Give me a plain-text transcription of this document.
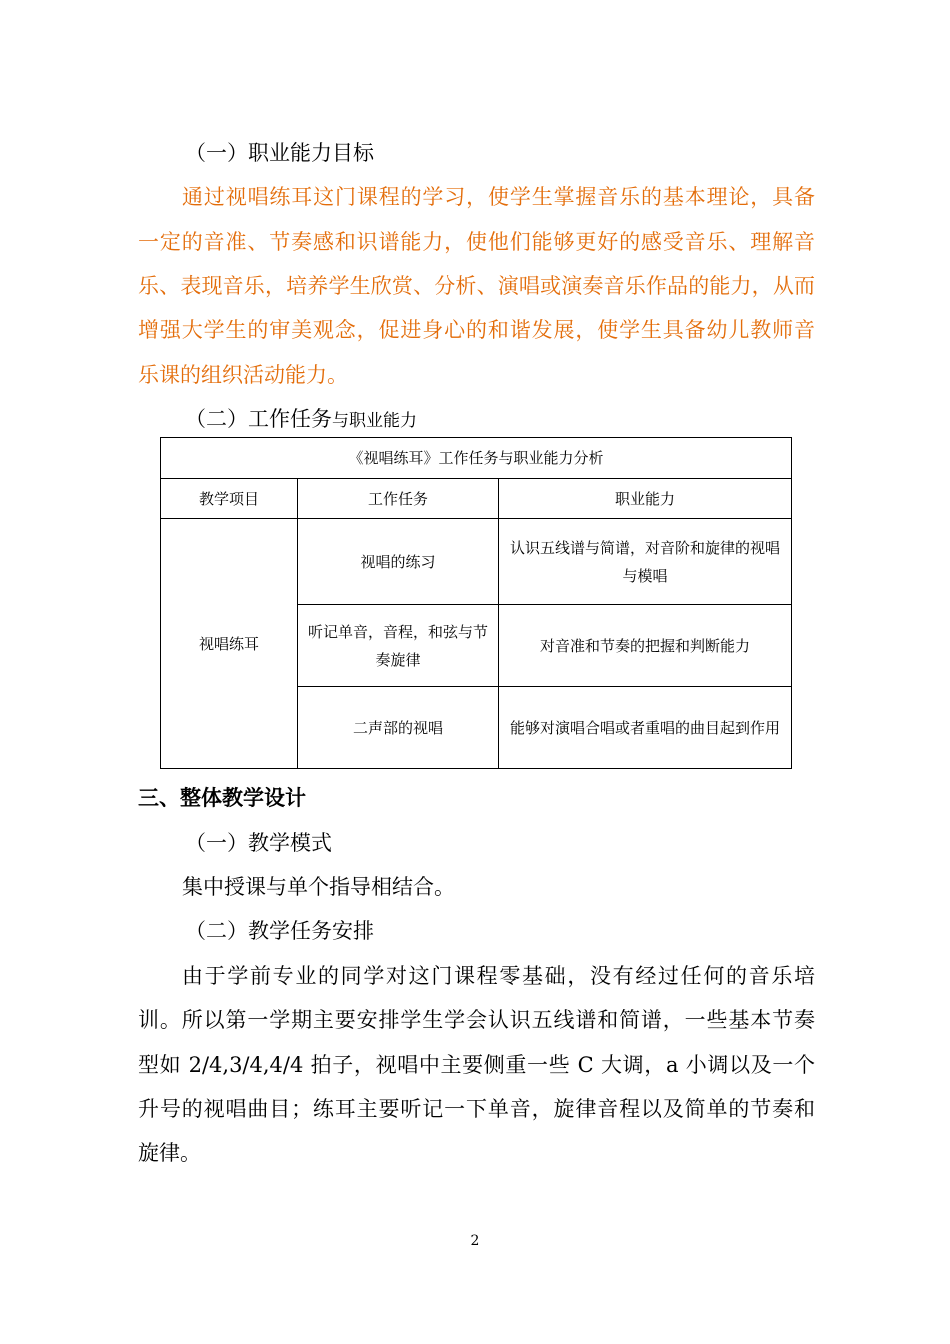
（一）职业能力目标

通过视唱练耳这门课程的学习，使学生掌握音乐的基本理论，具备

一定的音准、节奏感和识谱能力，使他们能够更好的感受音乐、理解音

乐、表现音乐，培养学生欣赏、分析、演唱或演奏音乐作品的能力，从而

增强大学生的审美观念，促进身心的和谐发展，使学生具备幼儿教师音

乐课的组织活动能力。

（二）工作任务与职业能力

《视唱练耳》工作任务与职业能力分析		
教学项目	工作任务	职业能力
视唱练耳	视唱的练习	认识五线谱与简谱，对音阶和旋律的视唱与模唱
	听记单音，音程，和弦与节奏旋律	对音准和节奏的把握和判断能力
	二声部的视唱	能够对演唱合唱或者重唱的曲目起到作用

三、整体教学设计

（一）教学模式

集中授课与单个指导相结合。

（二）教学任务安排

由于学前专业的同学对这门课程零基础，没有经过任何的音乐培

训。所以第一学期主要安排学生学会认识五线谱和简谱，一些基本节奏

型如 2/4,3/4,4/4 拍子，视唱中主要侧重一些 C 大调，a 小调以及一个

升号的视唱曲目；练耳主要听记一下单音，旋律音程以及简单的节奏和

旋律。

2
